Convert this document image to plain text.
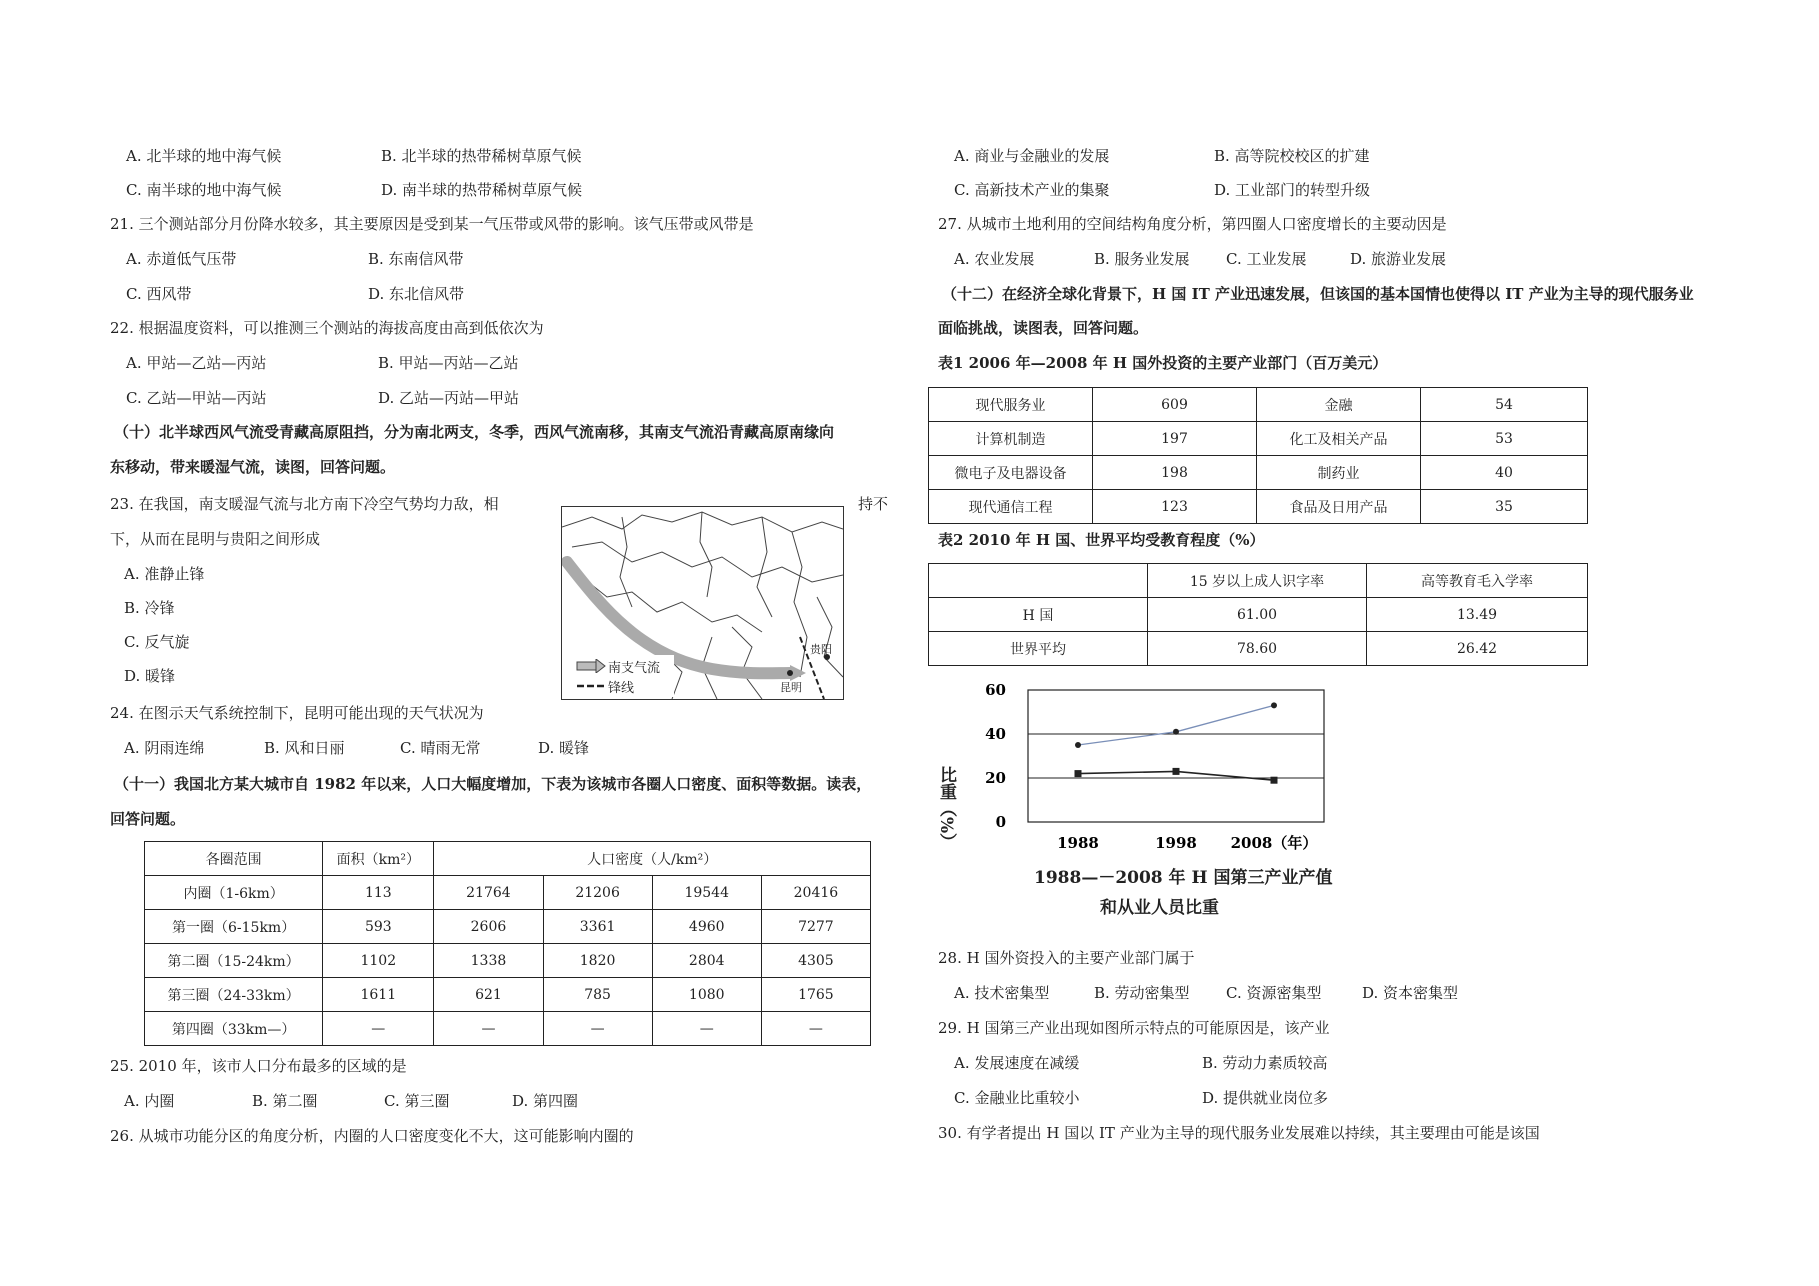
A. 北半球的地中海气候	B. 北半球的热带稀树草原气候
C. 南半球的地中海气候	D. 南半球的热带稀树草原气候
21. 三个测站部分月份降水较多，其主要原因是受到某一气压带或风带的影响。该气压带或风带是
A. 赤道低气压带	B. 东南信风带
C. 西风带	D. 东北信风带
22. 根据温度资料，可以推测三个测站的海拔高度由高到低依次为
A. 甲站—乙站—丙站	B. 甲站—丙站—乙站
C. 乙站—甲站—丙站	D. 乙站—丙站—甲站
（十）北半球西风气流受青藏高原阻挡，分为南北两支，冬季，西风气流南移，其南支气流沿青藏高原南缘向
东移动，带来暖湿气流，读图，回答问题。
23. 在我国，南支暖湿气流与北方南下冷空气势均力敌，相	持不
下，从而在昆明与贵阳之间形成
A. 准静止锋
B. 冷锋
C. 反气旋
D. 暖锋	南支气流
锋线	昆明
贵阳
24. 在图示天气系统控制下，昆明可能出现的天气状况为
A. 阴雨连绵	B. 风和日丽	C. 晴雨无常	D. 暖锋
（十一）我国北方某大城市自 1982 年以来，人口大幅度增加，下表为该城市各圈人口密度、面积等数据。读表，
回答问题。
各圈范围	面积（km²）	人口密度（人/km²）			
内圈（1-6km）	113	21764	21206	19544	20416
第一圈（6-15km）	593	2606	3361	4960	7277
第二圈（15-24km）	1102	1338	1820	2804	4305
第三圈（24-33km）	1611	621	785	1080	1765
第四圈（33km—）	—	—	—	—	—
25. 2010 年，该市人口分布最多的区域的是
A. 内圈	B. 第二圈	C. 第三圈	D. 第四圈
26. 从城市功能分区的角度分析，内圈的人口密度变化不大，这可能影响内圈的
A. 商业与金融业的发展	B. 高等院校校区的扩建
C. 高新技术产业的集聚	D. 工业部门的转型升级
27. 从城市土地利用的空间结构角度分析，第四圈人口密度增长的主要动因是
A. 农业发展	B. 服务业发展 C. 工业发展	D. 旅游业发展
（十二）在经济全球化背景下，H 国 IT 产业迅速发展，但该国的基本国情也使得以 IT 产业为主导的现代服务业
面临挑战，读图表，回答问题。
表1 2006 年—2008 年 H 国外投资的主要产业部门（百万美元）
现代服务业	609	金融	54
计算机制造	197	化工及相关产品	53
微电子及电器设备	198	制药业	40
现代通信工程	123	食品及日用产品	35
表2 2010 年 H 国、世界平均受教育程度（%）
	15 岁以上成人识字率	高等教育毛入学率
H 国	61.00	13.49
世界平均	78.60	26.42
0
20
40
60
1988	1998 2008（年）
比重（%）
1988—－2008 年 H 国第三产业产值
和从业人员比重
28. H 国外资投入的主要产业部门属于
A. 技术密集型	B. 劳动密集型 C. 资源密集型	D. 资本密集型
29. H 国第三产业出现如图所示特点的可能原因是，该产业
A. 发展速度在减缓	B. 劳动力素质较高
C. 金融业比重较小	D. 提供就业岗位多
30. 有学者提出 H 国以 IT 产业为主导的现代服务业发展难以持续，其主要理由可能是该国
